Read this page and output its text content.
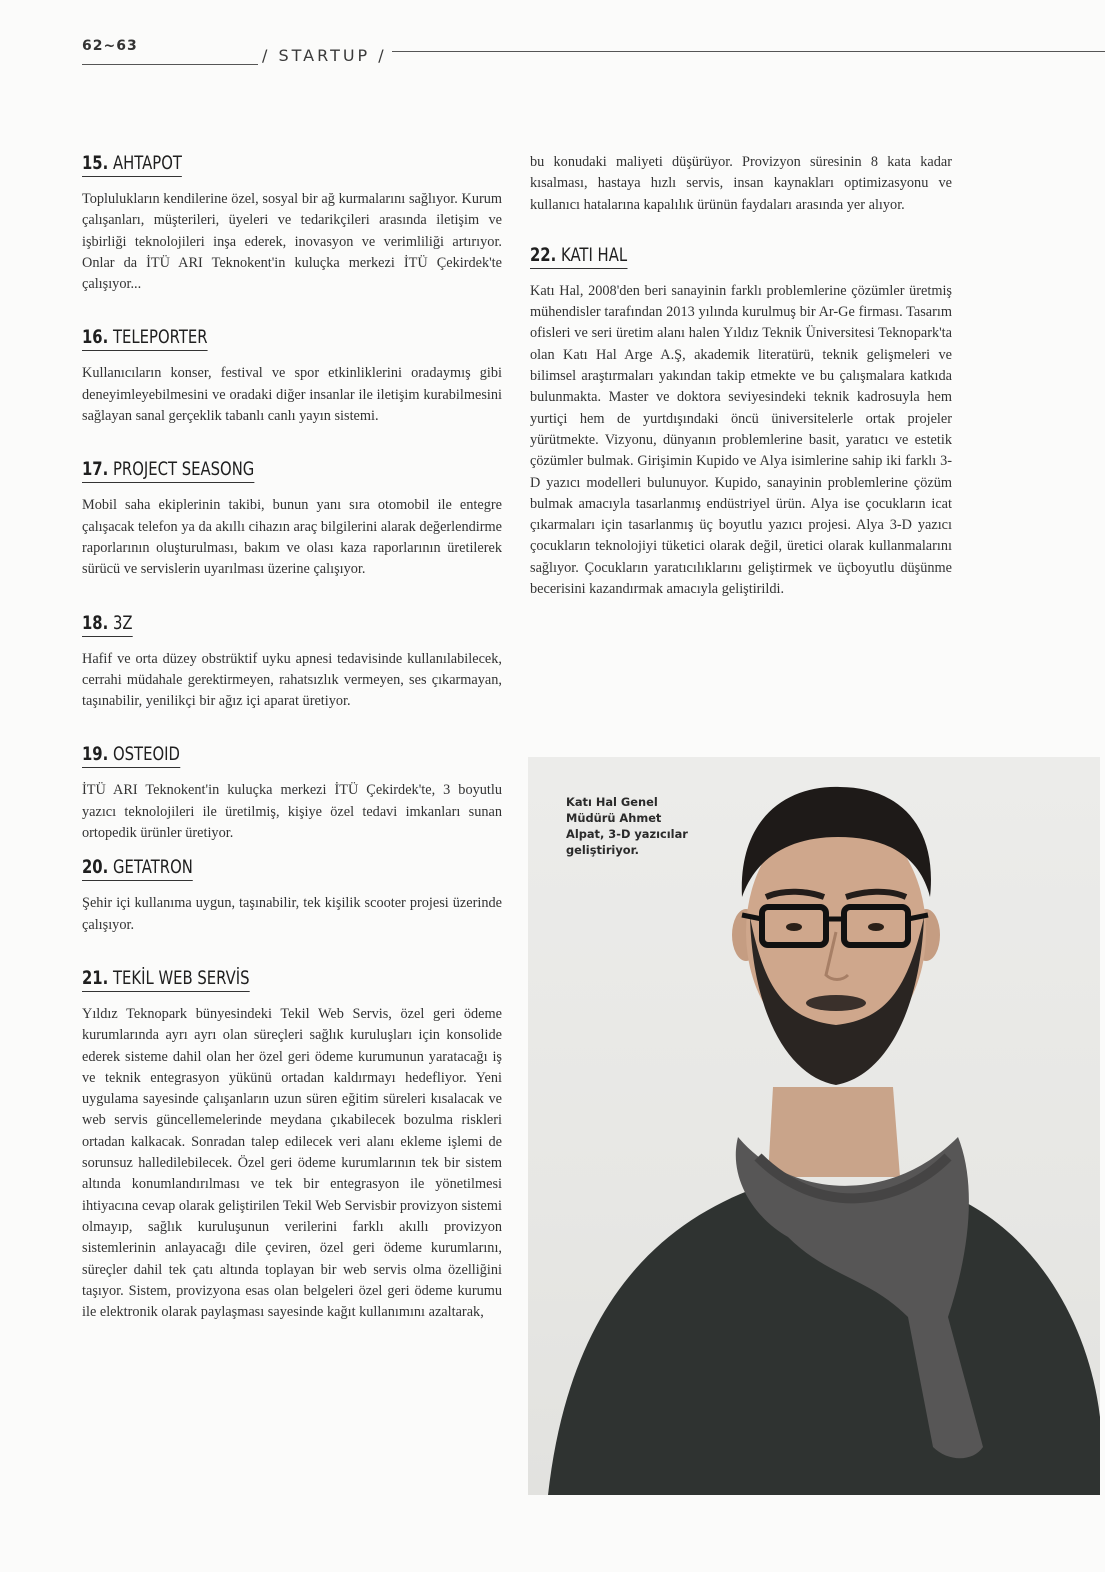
62~63	/ STARTUP /
15. AHTAPOT

Toplulukların kendilerine özel, sosyal bir ağ kurmalarını sağlıyor. Kurum çalışanları, müşterileri, üyeleri ve tedarikçileri arasında iletişim ve işbirliği teknolojileri inşa ederek, inovasyon ve verimliliği artırıyor. Onlar da İTÜ ARI Teknokent'in kuluçka merkezi İTÜ Çekirdek'te çalışıyor...

16. TELEPORTER

Kullanıcıların konser, festival ve spor etkinliklerini oradaymış gibi deneyimleyebilmesini ve oradaki diğer insanlar ile iletişim kurabilmesini sağlayan sanal gerçeklik tabanlı canlı yayın sistemi.

17. PROJECT SEASONG

Mobil saha ekiplerinin takibi, bunun yanı sıra otomobil ile entegre çalışacak telefon ya da akıllı cihazın araç bilgilerini alarak değerlendirme raporlarının oluşturulması, bakım ve olası kaza raporlarının üretilerek sürücü ve servislerin uyarılması üzerine çalışıyor.

18. 3Z

Hafif ve orta düzey obstrüktif uyku apnesi tedavisinde kullanılabilecek, cerrahi müdahale gerektirmeyen, rahatsızlık vermeyen, ses çıkarmayan, taşınabilir, yenilikçi bir ağız içi aparat üretiyor.

19. OSTEOID

İTÜ ARI Teknokent'in kuluçka merkezi İTÜ Çekirdek'te, 3 boyutlu yazıcı teknolojileri ile üretilmiş, kişiye özel tedavi imkanları sunan ortopedik ürünler üretiyor.

20. GETATRON

Şehir içi kullanıma uygun, taşınabilir, tek kişilik scooter projesi üzerinde çalışıyor.

21. TEKİL WEB SERVİS

Yıldız Teknopark bünyesindeki Tekil Web Servis, özel geri ödeme kurumlarında ayrı ayrı olan süreçleri sağlık kuruluşları için konsolide ederek sisteme dahil olan her özel geri ödeme kurumunun yaratacağı iş ve teknik entegrasyon yükünü ortadan kaldırmayı hedefliyor. Yeni uygulama sayesinde çalışanların uzun süren eğitim süreleri kısalacak ve web servis güncellemelerinde meydana çıkabilecek bozulma riskleri ortadan kalkacak. Sonradan talep edilecek veri alanı ekleme işlemi de sorunsuz halledilebilecek. Özel geri ödeme kurumlarının tek bir sistem altında konumlandırılması ve tek bir entegrasyon ile yönetilmesi ihtiyacına cevap olarak geliştirilen Tekil Web Servisbir provizyon sistemi olmayıp, sağlık kuruluşunun verilerini farklı akıllı provizyon sistemlerinin anlayacağı dile çeviren, özel geri ödeme kurumlarını, süreçler dahil tek çatı altında toplayan bir web servis olma özelliğini taşıyor. Sistem, provizyona esas olan belgeleri özel geri ödeme kurumu ile elektronik olarak paylaşması sayesinde kağıt kullanımını azaltarak,

bu konudaki maliyeti düşürüyor. Provizyon süresinin 8 kata kadar kısalması, hastaya hızlı servis, insan kaynakları optimizasyonu ve kullanıcı hatalarına kapalılık ürünün faydaları arasında yer alıyor.

22. KATI HAL

Katı Hal, 2008'den beri sanayinin farklı problemlerine çözümler üretmiş mühendisler tarafından 2013 yılında kurulmuş bir Ar-Ge firması. Tasarım ofisleri ve seri üretim alanı halen Yıldız Teknik Üniversitesi Teknopark'ta olan Katı Hal Arge A.Ş, akademik literatürü, teknik gelişmeleri ve bilimsel araştırmaları yakından takip etmekte ve bu çalışmalara katkıda bulunmakta. Master ve doktora seviyesindeki teknik kadrosuyla hem yurtiçi hem de yurtdışındaki öncü üniversitelerle ortak projeler yürütmekte. Vizyonu, dünyanın problemlerine basit, yaratıcı ve estetik çözümler bulmak. Girişimin Kupido ve Alya isimlerine sahip iki farklı 3-D yazıcı modelleri bulunuyor. Kupido, sanayinin problemlerine çözüm bulmak amacıyla tasarlanmış endüstriyel ürün. Alya ise çocukların icat çıkarmaları için tasarlanmış üç boyutlu yazıcı projesi. Alya 3-D yazıcı çocukların teknolojiyi tüketici olarak değil, üretici olarak kullanmalarını sağlıyor. Çocukların yaratıcılıklarını geliştirmek ve üçboyutlu düşünme becerisini kazandırmak amacıyla geliştirildi.

Katı Hal Genel Müdürü Ahmet Alpat, 3-D yazıcılar geliştiriyor.
